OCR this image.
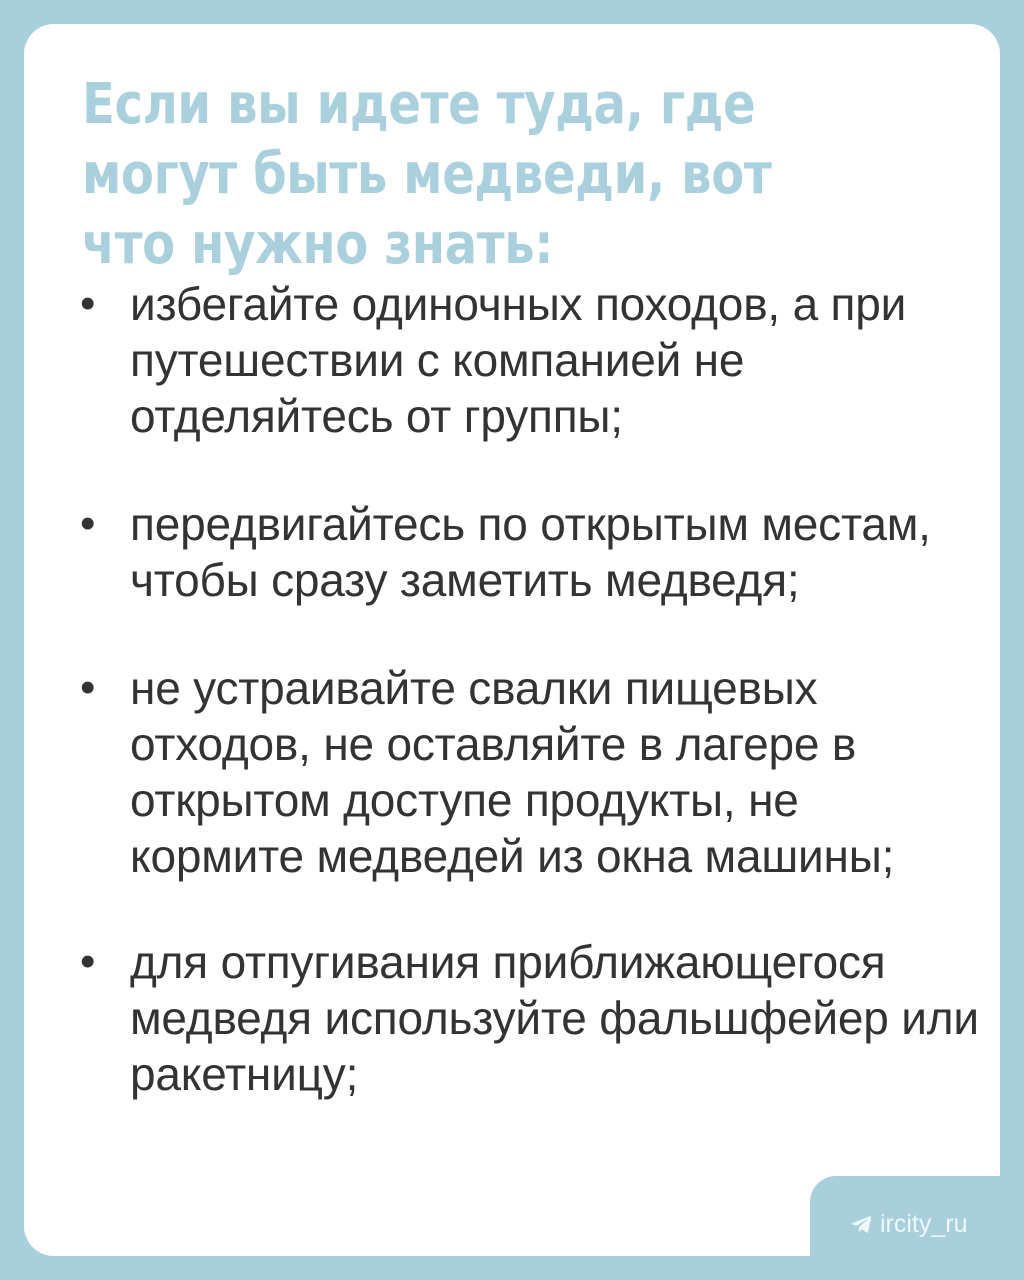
Если вы идете туда, где могут быть медведи, вот что нужно знать:
• избегайте одиночных походов, а при путешествии с компанией не отделяйтесь от группы;
• передвигайтесь по открытым местам, чтобы сразу заметить медведя;
• не устраивайте свалки пищевых отходов, не оставляйте в лагере в открытом доступе продукты, не кормите медведей из окна машины;
• для отпугивания приближающегося медведя используйте фальшфейер или ракетницу;
ircity_ru
